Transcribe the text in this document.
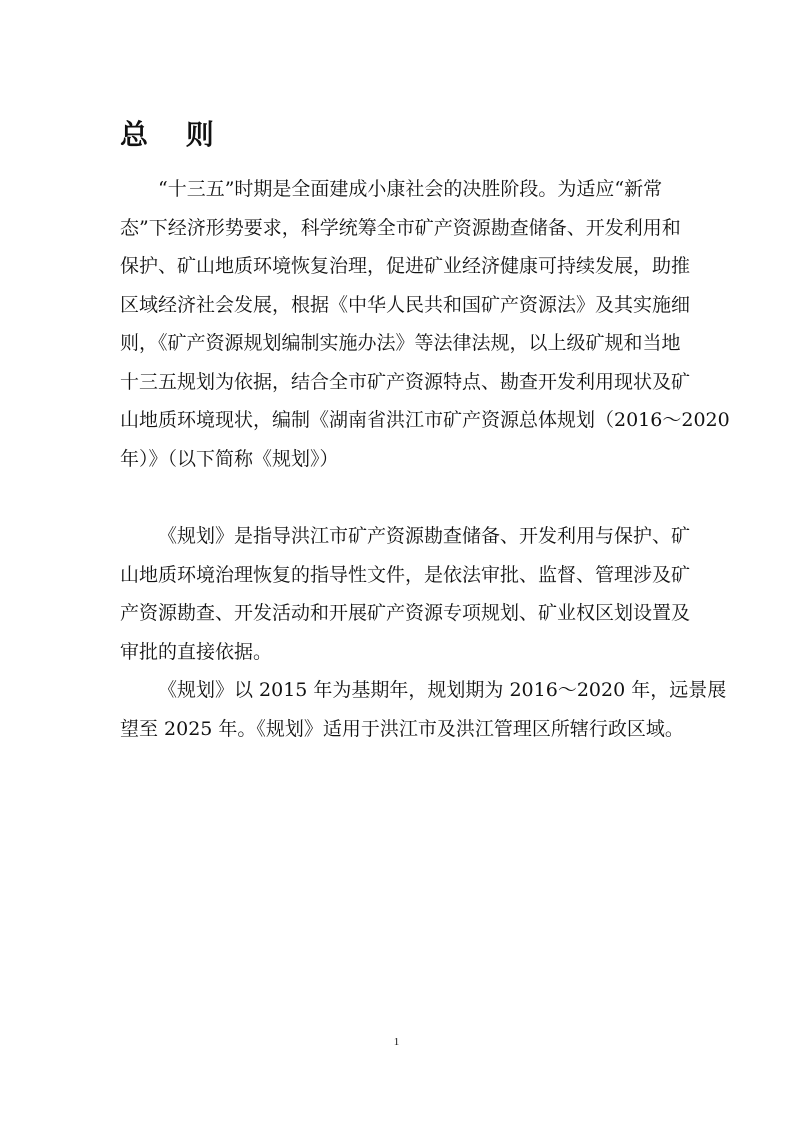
总 则
“十三五”时期是全面建成小康社会的决胜阶段。为适应“新常
态”下经济形势要求，科学统筹全市矿产资源勘查储备、开发利用和
保护、矿山地质环境恢复治理，促进矿业经济健康可持续发展，助推
区域经济社会发展，根据《中华人民共和国矿产资源法》及其实施细
则，《矿产资源规划编制实施办法》等法律法规，以上级矿规和当地
十三五规划为依据，结合全市矿产资源特点、勘查开发利用现状及矿
山地质环境现状，编制《湖南省洪江市矿产资源总体规划（2016～2020
年）》（以下简称《规划》）
《规划》是指导洪江市矿产资源勘查储备、开发利用与保护、矿
山地质环境治理恢复的指导性文件，是依法审批、监督、管理涉及矿
产资源勘查、开发活动和开展矿产资源专项规划、矿业权区划设置及
审批的直接依据。
《规划》以 2015 年为基期年，规划期为 2016～2020 年，远景展
望至 2025 年。《规划》适用于洪江市及洪江管理区所辖行政区域。

1
